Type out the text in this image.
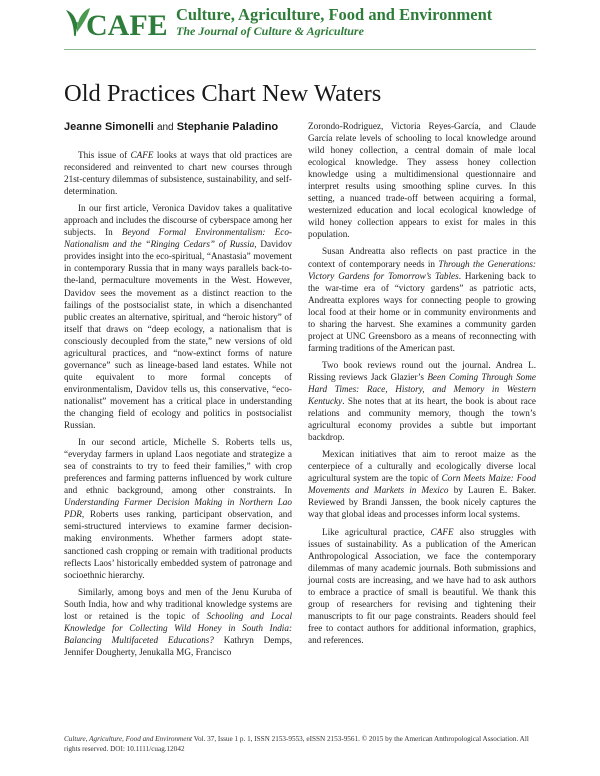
CAFE Culture, Agriculture, Food and Environment
The Journal of Culture & Agriculture
Old Practices Chart New Waters
Jeanne Simonelli and Stephanie Paladino

This issue of CAFE looks at ways that old practices are reconsidered and reinvented to chart new courses through 21st-century dilemmas of subsistence, sustainability, and self-determination.

In our first article, Veronica Davidov takes a qualitative approach and includes the discourse of cyberspace among her subjects. In Beyond Formal Environmentalism: Eco-Nationalism and the “Ringing Cedars” of Russia, Davidov provides insight into the eco-spiritual, “Anastasia” movement in contemporary Russia that in many ways parallels back-to-the-land, permaculture movements in the West. However, Davidov sees the movement as a distinct reaction to the failings of the postsocialist state, in which a disenchanted public creates an alternative, spiritual, and “heroic history” of itself that draws on “deep ecology, a nationalism that is consciously decoupled from the state,” new versions of old agricultural practices, and “now-extinct forms of nature governance” such as lineage-based land estates. While not quite equivalent to more formal concepts of environmentalism, Davidov tells us, this conservative, “eco-nationalist” movement has a critical place in understanding the changing field of ecology and politics in postsocialist Russian.

In our second article, Michelle S. Roberts tells us, “everyday farmers in upland Laos negotiate and strategize a sea of constraints to try to feed their families,” with crop preferences and farming patterns influenced by work culture and ethnic background, among other constraints. In Understanding Farmer Decision Making in Northern Lao PDR, Roberts uses ranking, participant observation, and semi-structured interviews to examine farmer decision-making environments. Whether farmers adopt state-sanctioned cash cropping or remain with traditional products reflects Laos’ historically embedded system of patronage and socioethnic hierarchy.

Similarly, among boys and men of the Jenu Kuruba of South India, how and why traditional knowledge systems are lost or retained is the topic of Schooling and Local Knowledge for Collecting Wild Honey in South India: Balancing Multifaceted Educations? Kathryn Demps, Jennifer Dougherty, Jenukalla MG, Francisco

Zorondo-Rodriguez, Victoria Reyes-García, and Claude García relate levels of schooling to local knowledge around wild honey collection, a central domain of male local ecological knowledge. They assess honey collection knowledge using a multidimensional questionnaire and interpret results using smoothing spline curves. In this setting, a nuanced trade-off between acquiring a formal, westernized education and local ecological knowledge of wild honey collection appears to exist for males in this population.

Susan Andreatta also reflects on past practice in the context of contemporary needs in Through the Generations: Victory Gardens for Tomorrow’s Tables. Harkening back to the war-time era of “victory gardens” as patriotic acts, Andreatta explores ways for connecting people to growing local food at their home or in community environments and to sharing the harvest. She examines a community garden project at UNC Greensboro as a means of reconnecting with farming traditions of the American past.

Two book reviews round out the journal. Andrea L. Rissing reviews Jack Glazier’s Been Coming Through Some Hard Times: Race, History, and Memory in Western Kentucky. She notes that at its heart, the book is about race relations and community memory, though the town’s agricultural economy provides a subtle but important backdrop.

Mexican initiatives that aim to reroot maize as the centerpiece of a culturally and ecologically diverse local agricultural system are the topic of Corn Meets Maize: Food Movements and Markets in Mexico by Lauren E. Baker. Reviewed by Brandi Janssen, the book nicely captures the way that global ideas and processes inform local systems.

Like agricultural practice, CAFE also struggles with issues of sustainability. As a publication of the American Anthropological Association, we face the contemporary dilemmas of many academic journals. Both submissions and journal costs are increasing, and we have had to ask authors to embrace a practice of small is beautiful. We thank this group of researchers for revising and tightening their manuscripts to fit our page constraints. Readers should feel free to contact authors for additional information, graphics, and references.

Culture, Agriculture, Food and Environment Vol. 37, Issue 1 p. 1, ISSN 2153-9553, eISSN 2153-9561. © 2015 by the American Anthropological Association. All rights reserved. DOI: 10.1111/cuag.12042
